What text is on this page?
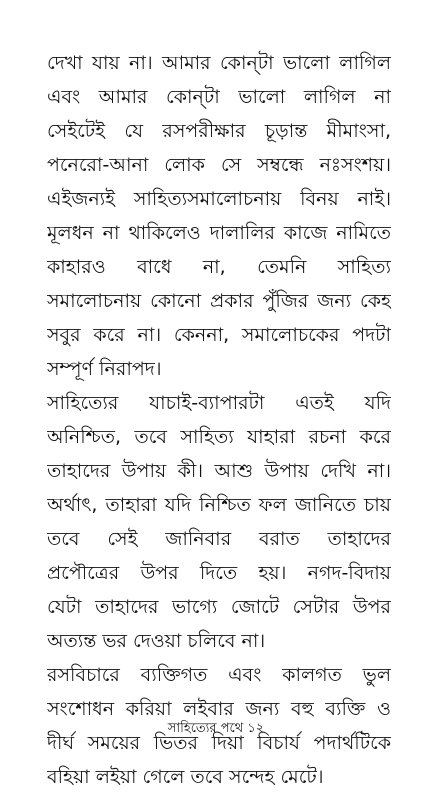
দেখা যায় না। আমার কোন্‌টা ভালো লাগিল
এবং আমার কোন্‌টা ভালো লাগিল না
সেইটেই যে রসপরীক্ষার চূড়ান্ত মীমাংসা,
পনেরো-আনা লোক সে সম্বন্ধে নঃসংশয়।
এইজন্যই সাহিত্যসমালোচনায় বিনয় নাই।
মূলধন না থাকিলেও দালালির কাজে নামিতে
কাহারও বাধে না, তেমনি সাহিত্য
সমালোচনায় কোনো প্রকার পুঁজির জন্য কেহ
সবুর করে না। কেননা, সমালোচকের পদটা
সম্পূর্ণ নিরাপদ।
সাহিত্যের যাচাই-ব্যাপারটা এতই যদি
অনিশ্চিত, তবে সাহিত্য যাহারা রচনা করে
তাহাদের উপায় কী। আশু উপায় দেখি না।
অর্থাৎ, তাহারা যদি নিশ্চিত ফল জানিতে চায়
তবে সেই জানিবার বরাত তাহাদের
প্রপৌত্রের উপর দিতে হয়। নগদ-বিদায়
যেটা তাহাদের ভাগ্যে জোটে সেটার উপর
অত্যন্ত ভর দেওয়া চলিবে না।
রসবিচারে ব্যক্তিগত এবং কালগত ভুল
সংশোধন করিয়া লইবার জন্য বহু ব্যক্তি ও
দীর্ঘ সময়ের ভিতর দিয়া বিচার্য পদার্থটিকে
বহিয়া লইয়া গেলে তবে সন্দেহ মেটে।
সাহিত্যের পথে ১২
